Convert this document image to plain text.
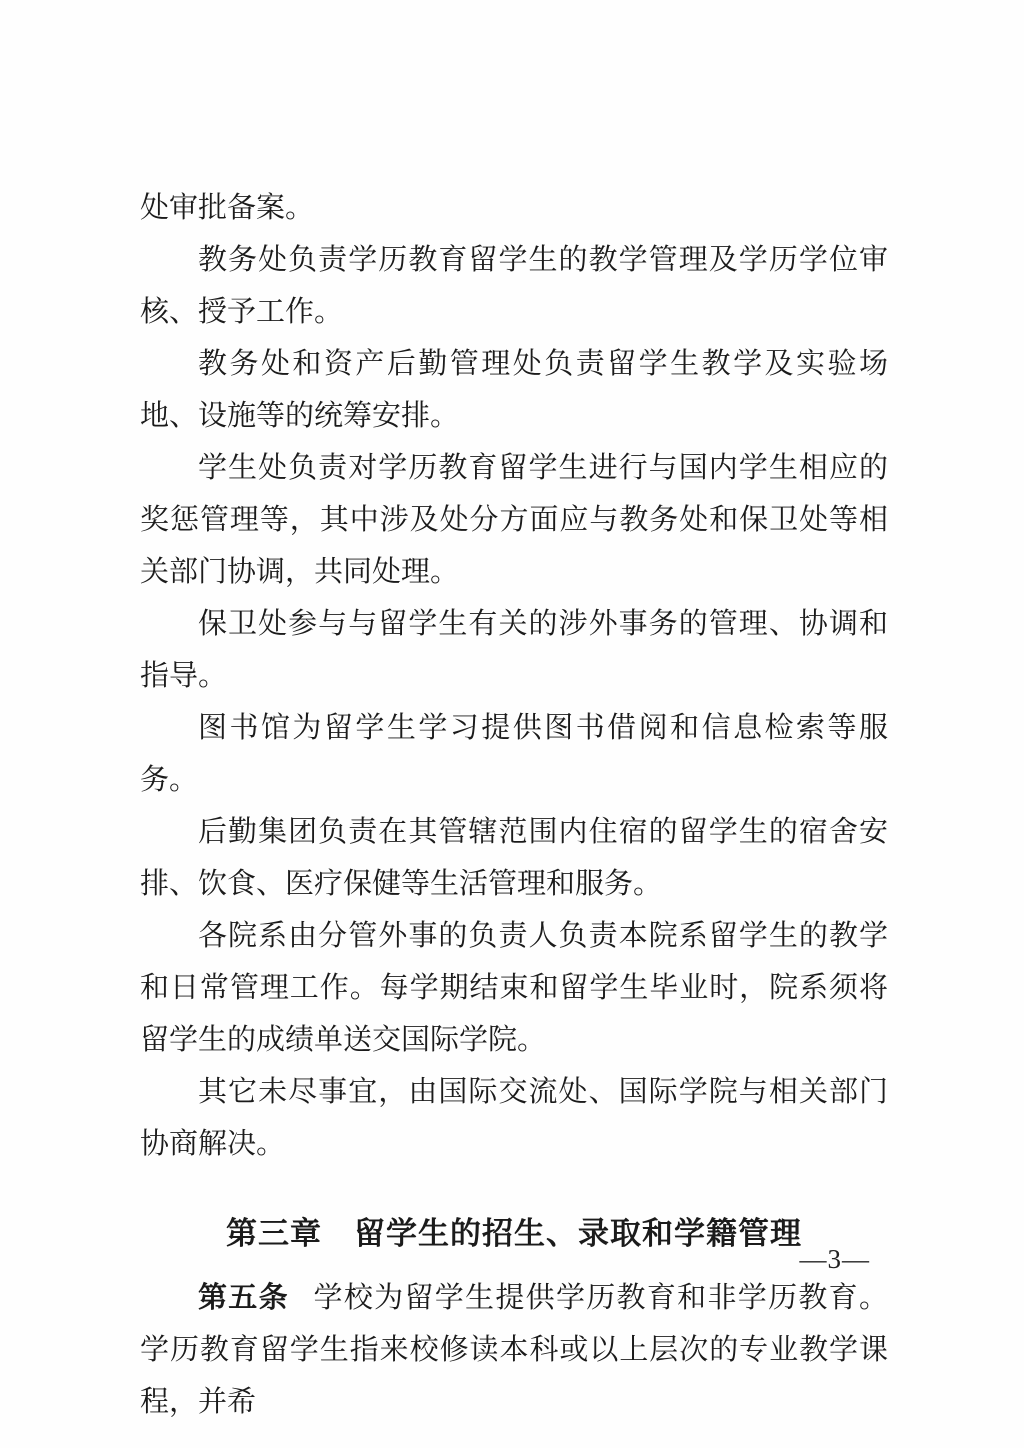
处审批备案。

教务处负责学历教育留学生的教学管理及学历学位审核、授予工作。

教务处和资产后勤管理处负责留学生教学及实验场地、设施等的统筹安排。

学生处负责对学历教育留学生进行与国内学生相应的奖惩管理等，其中涉及处分方面应与教务处和保卫处等相关部门协调，共同处理。

保卫处参与与留学生有关的涉外事务的管理、协调和指导。

图书馆为留学生学习提供图书借阅和信息检索等服务。

后勤集团负责在其管辖范围内住宿的留学生的宿舍安排、饮食、医疗保健等生活管理和服务。

各院系由分管外事的负责人负责本院系留学生的教学和日常管理工作。每学期结束和留学生毕业时，院系须将留学生的成绩单送交国际学院。

其它未尽事宜，由国际交流处、国际学院与相关部门协商解决。

第三章　留学生的招生、录取和学籍管理

第五条 学校为留学生提供学历教育和非学历教育。学历教育留学生指来校修读本科或以上层次的专业教学课程，并希

—3—
